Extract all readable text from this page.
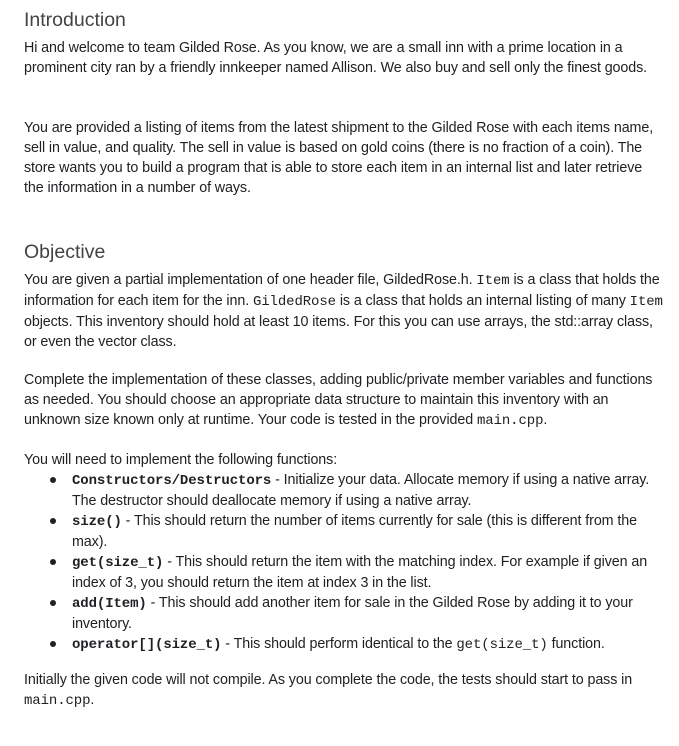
Introduction

Hi and welcome to team Gilded Rose. As you know, we are a small inn with a prime location in a prominent city ran by a friendly innkeeper named Allison. We also buy and sell only the finest goods.

You are provided a listing of items from the latest shipment to the Gilded Rose with each items name, sell in value, and quality. The sell in value is based on gold coins (there is no fraction of a coin). The store wants you to build a program that is able to store each item in an internal list and later retrieve the information in a number of ways.

Objective

You are given a partial implementation of one header file, GildedRose.h. Item is a class that holds the information for each item for the inn. GildedRose is a class that holds an internal listing of many Item objects. This inventory should hold at least 10 items. For this you can use arrays, the std::array class, or even the vector class.

Complete the implementation of these classes, adding public/private member variables and functions as needed. You should choose an appropriate data structure to maintain this inventory with an unknown size known only at runtime. Your code is tested in the provided main.cpp.

You will need to implement the following functions:

Constructors/Destructors - Initialize your data. Allocate memory if using a native array. The destructor should deallocate memory if using a native array.
size() - This should return the number of items currently for sale (this is different from the max).
get(size_t) - This should return the item with the matching index. For example if given an index of 3, you should return the item at index 3 in the list.
add(Item) - This should add another item for sale in the Gilded Rose by adding it to your inventory.
operator[](size_t) - This should perform identical to the get(size_t) function.

Initially the given code will not compile. As you complete the code, the tests should start to pass in main.cpp.
